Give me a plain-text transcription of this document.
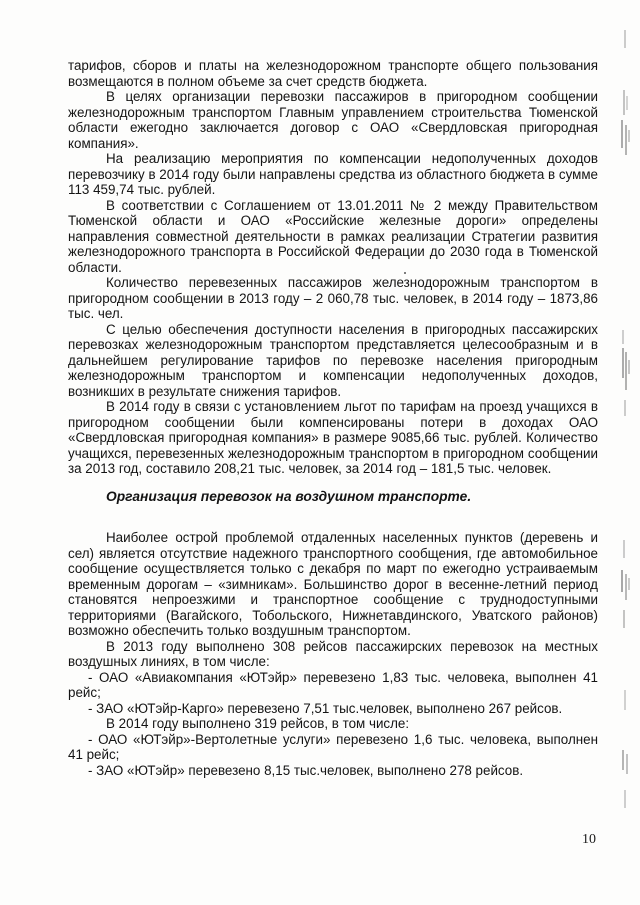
тарифов, сборов и платы на железнодорожном транспорте общего пользования возмещаются в полном объеме за счет средств бюджета.

В целях организации перевозки пассажиров в пригородном сообщении железнодорожным транспортом Главным управлением строительства Тюменской области ежегодно заключается договор с ОАО «Свердловская пригородная компания».

На реализацию мероприятия по компенсации недополученных доходов перевозчику в 2014 году были направлены средства из областного бюджета в сумме 113 459,74 тыс. рублей.

В соответствии с Соглашением от 13.01.2011 № 2 между Правительством Тюменской области и ОАО «Российские железные дороги» определены направления совместной деятельности в рамках реализации Стратегии развития железнодорожного транспорта в Российской Федерации до 2030 года в Тюменской области.

Количество перевезенных пассажиров железнодорожным транспортом в пригородном сообщении в 2013 году – 2 060,78 тыс. человек, в 2014 году – 1873,86 тыс. чел.

С целью обеспечения доступности населения в пригородных пассажирских перевозках железнодорожным транспортом представляется целесообразным и в дальнейшем регулирование тарифов по перевозке населения пригородным железнодорожным транспортом и компенсации недополученных доходов, возникших в результате снижения тарифов.

В 2014 году в связи с установлением льгот по тарифам на проезд учащихся в пригородном сообщении были компенсированы потери в доходах ОАО «Свердловская пригородная компания» в размере 9085,66 тыс. рублей. Количество учащихся, перевезенных железнодорожным транспортом в пригородном сообщении за 2013 год, составило 208,21 тыс. человек, за 2014 год – 181,5 тыс. человек.

Организация перевозок на воздушном транспорте.

Наиболее острой проблемой отдаленных населенных пунктов (деревень и сел) является отсутствие надежного транспортного сообщения, где автомобильное сообщение осуществляется только с декабря по март по ежегодно устраиваемым временным дорогам – «зимникам». Большинство дорог в весенне-летний период становятся непроезжими и транспортное сообщение с труднодоступными территориями (Вагайского, Тобольского, Нижнетавдинского, Уватского районов) возможно обеспечить только воздушным транспортом.

В 2013 году выполнено 308 рейсов пассажирских перевозок на местных воздушных линиях, в том числе:

- ОАО «Авиакомпания «ЮТэйр» перевезено 1,83 тыс. человека, выполнен 41 рейс;

- ЗАО «ЮТэйр-Карго» перевезено 7,51 тыс.человек, выполнено 267 рейсов.

В 2014 году выполнено 319 рейсов, в том числе:

- ОАО «ЮТэйр»-Вертолетные услуги» перевезено 1,6 тыс. человека, выполнен 41 рейс;

- ЗАО «ЮТэйр» перевезено 8,15 тыс.человек, выполнено 278 рейсов.

10
